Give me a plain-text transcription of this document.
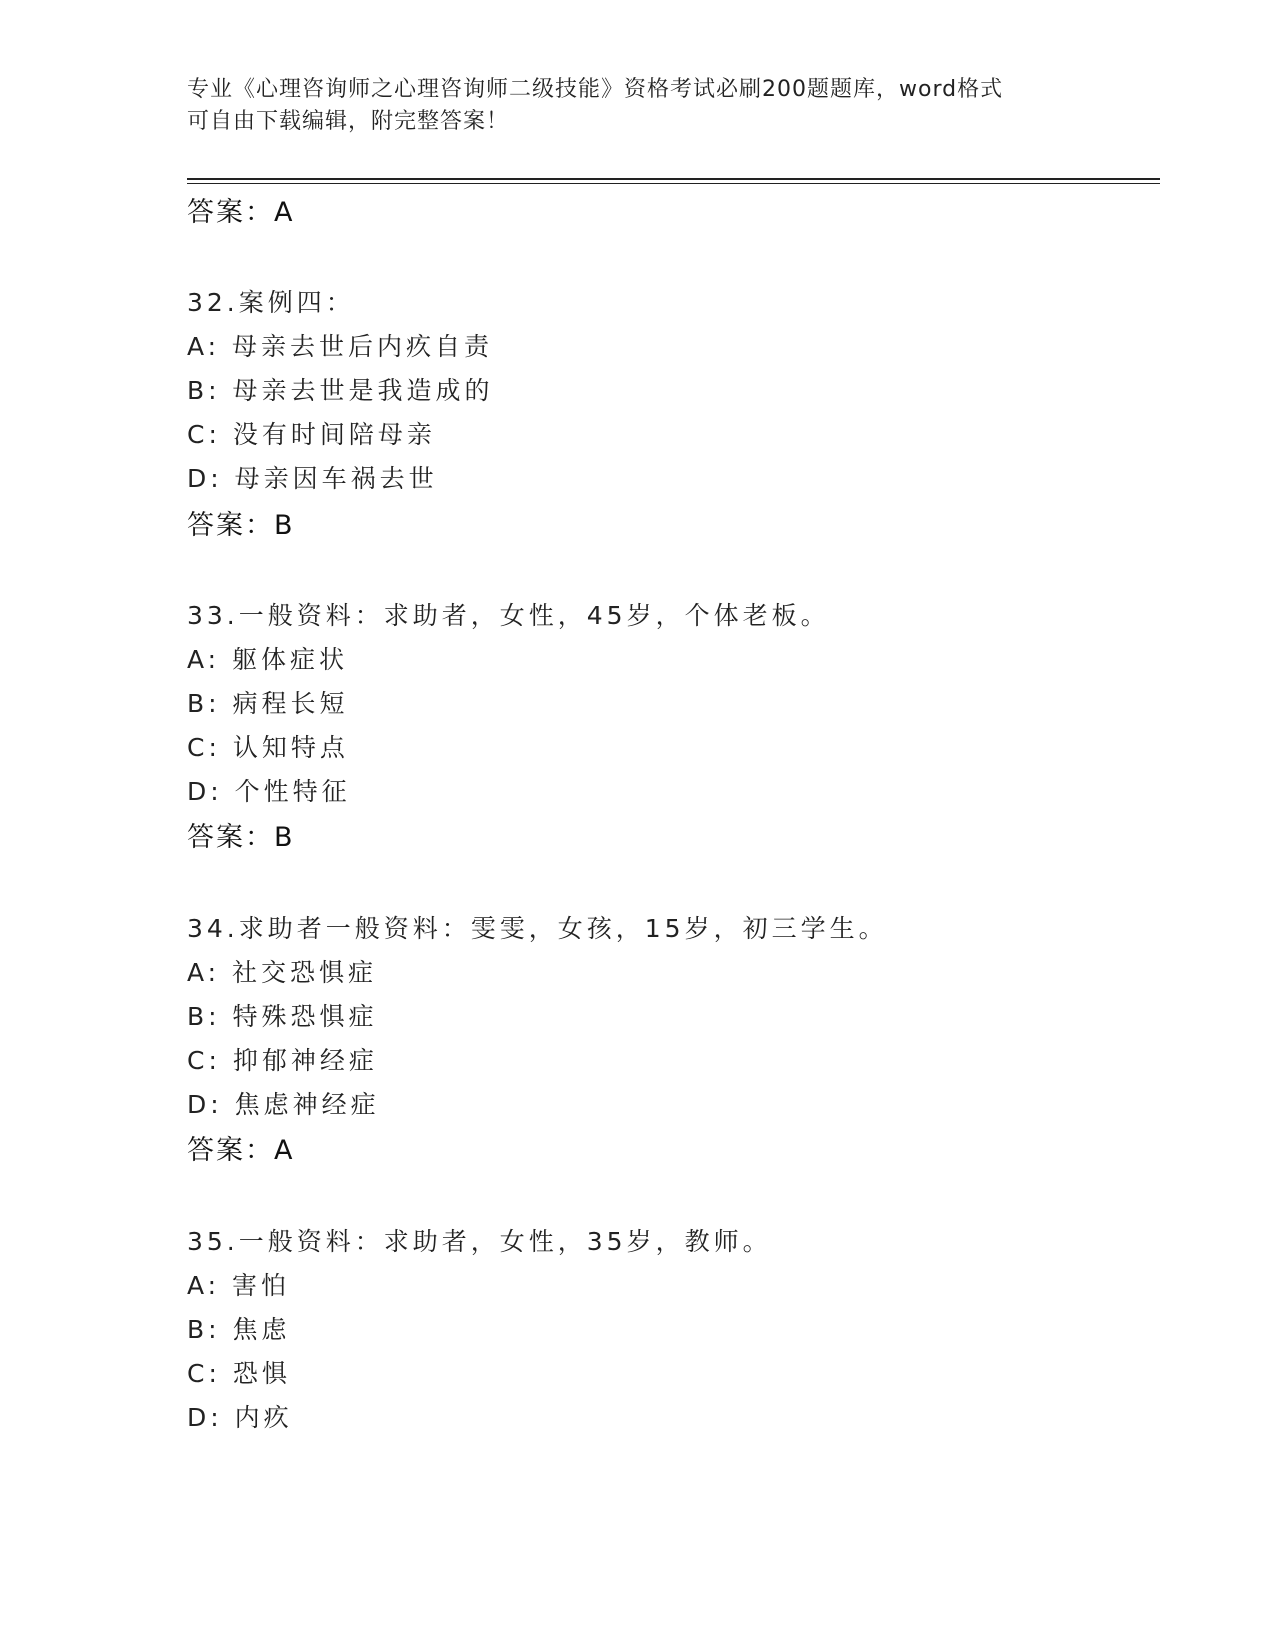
专业《心理咨询师之心理咨询师二级技能》资格考试必刷200题题库，word格式
可自由下载编辑，附完整答案！
答案：A
32.案例四：
A: 母亲去世后内疚自责
B: 母亲去世是我造成的
C: 没有时间陪母亲
D: 母亲因车祸去世
答案：B
33.一般资料：求助者，女性，45岁，个体老板。
A: 躯体症状
B: 病程长短
C: 认知特点
D: 个性特征
答案：B
34.求助者一般资料：雯雯，女孩，15岁，初三学生。
A: 社交恐惧症
B: 特殊恐惧症
C: 抑郁神经症
D: 焦虑神经症
答案：A
35.一般资料：求助者，女性，35岁，教师。
A: 害怕
B: 焦虑
C: 恐惧
D: 内疚
